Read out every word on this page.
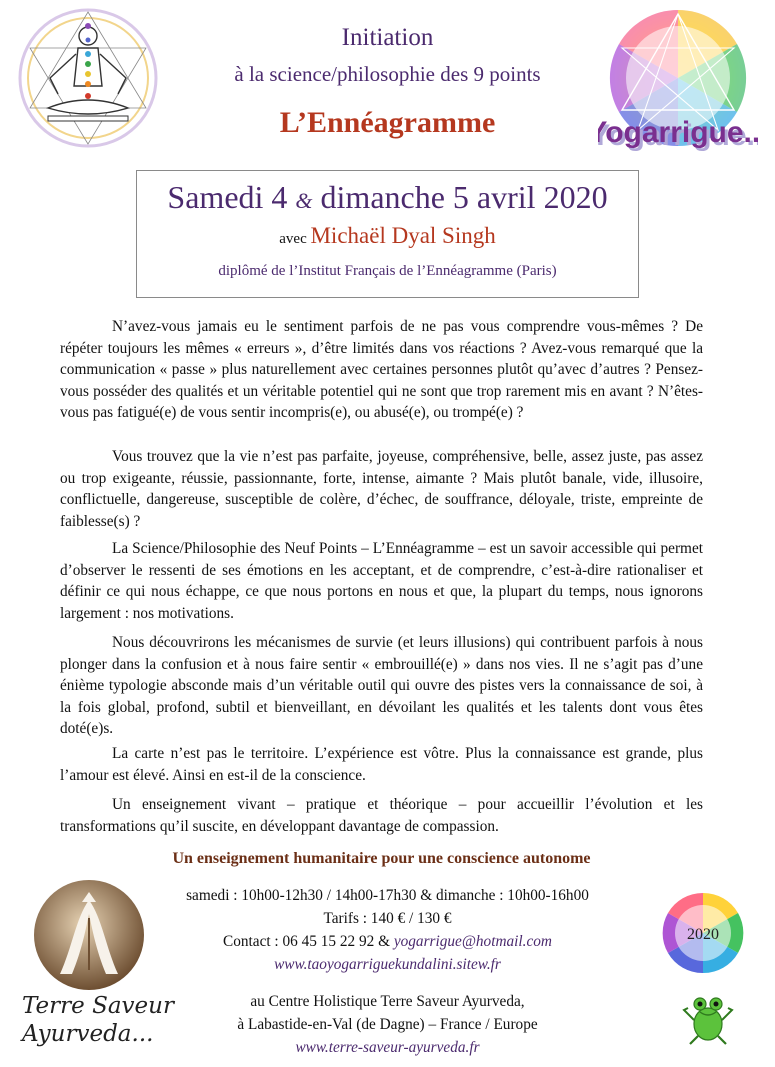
Yogarrigue.
ogarrigue.
Initiation
à la science/philosophie des 9 points
L’Ennéagramme
Samedi 4 & dimanche 5 avril 2020
avec Michaël Dyal Singh
diplômé de l’Institut Français de l’Ennéagramme (Paris)

N’avez-vous jamais eu le sentiment parfois de ne pas vous comprendre vous-mêmes ? De répéter toujours les mêmes « erreurs », d’être limités dans vos réactions ? Avez-vous remarqué que la communication « passe » plus naturellement avec certaines personnes plutôt qu’avec d’autres ? Pensez-vous posséder des qualités et un véritable potentiel qui ne sont que trop rarement mis en avant ? N’êtes-vous pas fatigué(e) de vous sentir incompris(e), ou abusé(e), ou trompé(e) ?

Vous trouvez que la vie n’est pas parfaite, joyeuse, compréhensive, belle, assez juste, pas assez ou trop exigeante, réussie, passionnante, forte, intense, aimante ? Mais plutôt banale, vide, illusoire, conflictuelle, dangereuse, susceptible de colère, d’échec, de souffrance, déloyale, triste, empreinte de faiblesse(s) ?

La Science/Philosophie des Neuf Points – L’Ennéagramme – est un savoir accessible qui permet d’observer le ressenti de ses émotions en les acceptant, et de comprendre, c’est-à-dire rationaliser et définir ce qui nous échappe, ce que nous portons en nous et que, la plupart du temps, nous ignorons largement : nos motivations.

Nous découvrirons les mécanismes de survie (et leurs illusions) qui contribuent parfois à nous plonger dans la confusion et à nous faire sentir « embrouillé(e) » dans nos vies. Il ne s’agit pas d’une énième typologie absconde mais d’un véritable outil qui ouvre des pistes vers la connaissance de soi, à la fois global, profond, subtil et bienveillant, en dévoilant les qualités et les talents dont vous êtes doté(e)s.

La carte n’est pas le territoire. L’expérience est vôtre. Plus la connaissance est grande, plus l’amour est élevé. Ainsi en est-il de la conscience.

Un enseignement vivant – pratique et théorique – pour accueillir l’évolution et les transformations qu’il suscite, en développant davantage de compassion.

Un enseignement humanitaire pour une conscience autonome
samedi : 10h00-12h30 / 14h00-17h30 & dimanche : 10h00-16h00
Tarifs : 140 € / 130 €
Contact : 06 45 15 22 92 & yogarrigue@hotmail.com
www.taoyogarriguekundalini.sitew.fr
au Centre Holistique Terre Saveur Ayurveda,
à Labastide-en-Val (de Dagne) – France / Europe
www.terre-saveur-ayurveda.fr
Terre Saveur
Ayurveda...
2020
